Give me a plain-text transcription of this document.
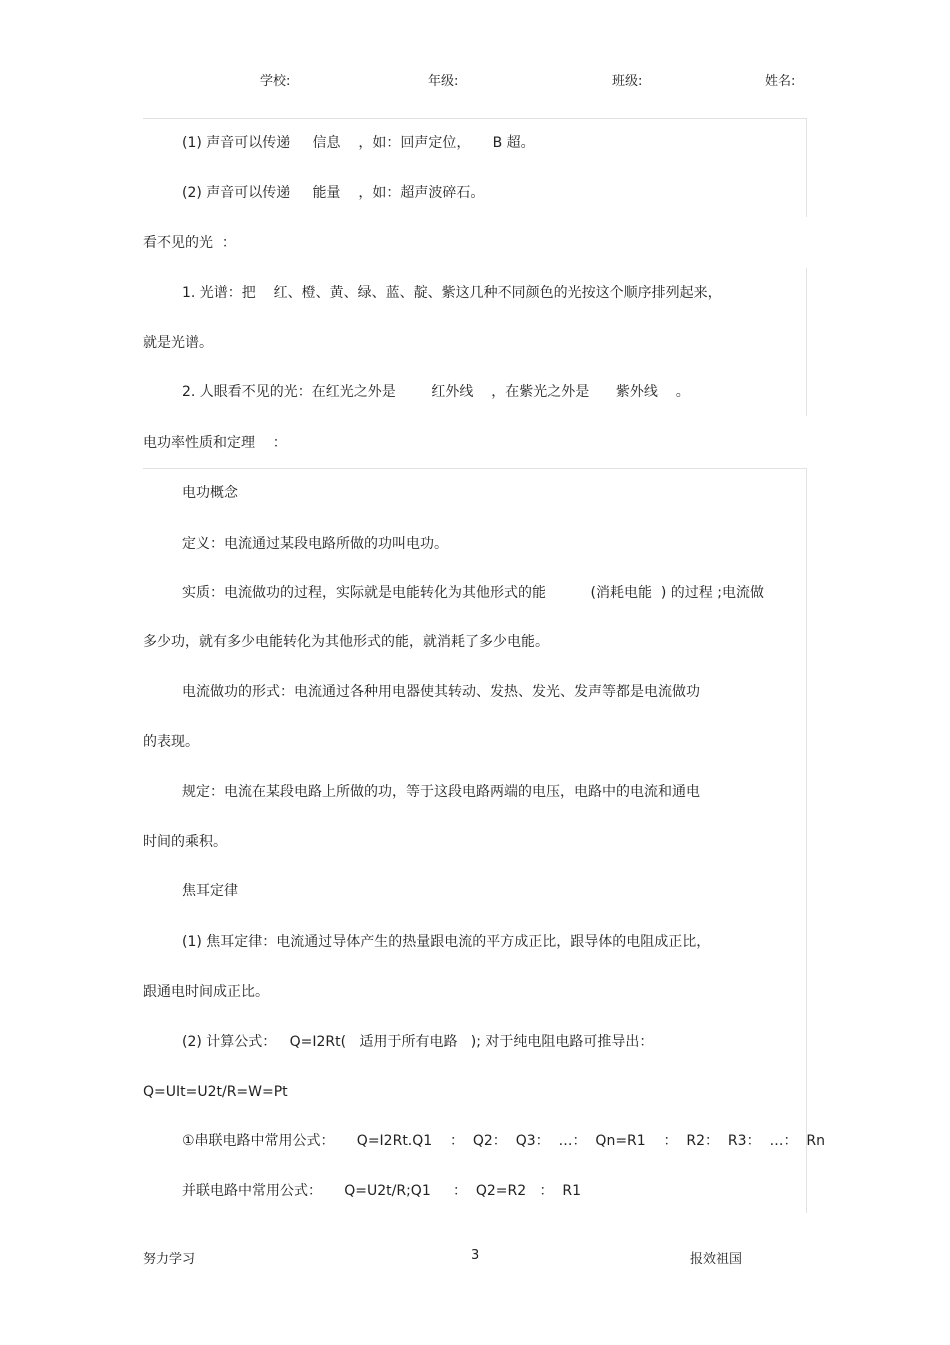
学校:	年级:	班级:	姓名:
(1) 声音可以传递     信息    ，如：回声定位，     B 超。
(2) 声音可以传递     能量    ，如：超声波碎石。
看不见的光  ：
1. 光谱：把    红、橙、黄、绿、蓝、靛、紫这几种不同颜色的光按这个顺序排列起来，
就是光谱。
2. 人眼看不见的光：在红光之外是        红外线    ，在紫光之外是      紫外线    。
电功率性质和定理    ：
电功概念
定义：电流通过某段电路所做的功叫电功。
实质：电流做功的过程，实际就是电能转化为其他形式的能          (消耗电能  ) 的过程 ;电流做
多少功，就有多少电能转化为其他形式的能，就消耗了多少电能。
电流做功的形式：电流通过各种用电器使其转动、发热、发光、发声等都是电流做功
的表现。
规定：电流在某段电路上所做的功，等于这段电路两端的电压，电路中的电流和通电
时间的乘积。
焦耳定律
(1) 焦耳定律：电流通过导体产生的热量跟电流的平方成正比，跟导体的电阻成正比，
跟通电时间成正比。
(2) 计算公式：   Q=I2Rt(   适用于所有电路   ); 对于纯电阻电路可推导出：
Q=UIt=U2t/R=W=Pt
①串联电路中常用公式：     Q=I2Rt.Q1    ：  Q2：  Q3：  …：  Qn=R1    ：  R2：  R3：  …：  Rn
并联电路中常用公式：     Q=U2t/R;Q1     ：  Q2=R2   ：  R1
努力学习	3	报效祖国
